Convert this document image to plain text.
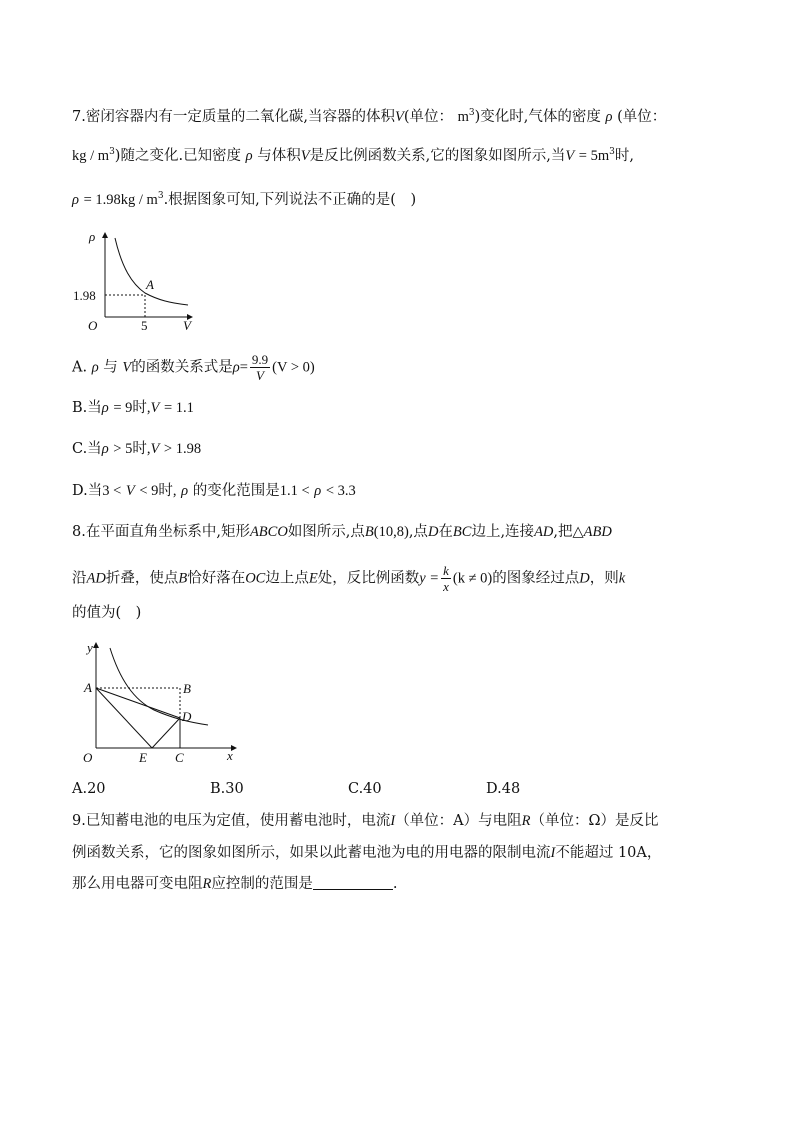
7.密闭容器内有一定质量的二氧化碳,当容器的体积V(单位： $m^3$)变化时,气体的密度 ρ (单位：
kg / $m^3$)随之变化.已知密度 ρ 与体积V是反比例函数关系,它的图象如图所示,当$V = 5m^3$时,
$\rho = 1.98kg / m^3$.根据图象可知,下列说法不正确的是(  )
ρ
V
O
1.98
5
A
A. ρ 与 V的函数关系式是$\rho= \frac{9.9}{V} (V > 0)$
B.当ρ = 9时,V = 1.1
C.当ρ > 5时,V > 1.98
D.当3 < V < 9时, ρ 的变化范围是1.1 < ρ < 3.3
8.在平面直角坐标系中,矩形ABCO如图所示,点B(10,8),点D在BC边上,连接AD,把△ABD
沿AD折叠，使点B恰好落在OC边上点E处，反比例函数$y = \frac{k}{x} (k \ne 0)$的图象经过点D，则k
的值为(  )
y
x
O
A	B
C
D
E
A.20	B.30	C.40	D.48
9.已知蓄电池的电压为定值，使用蓄电池时，电流I（单位：A）与电阻R（单位：Ω）是反比
例函数关系，它的图象如图所示，如果以此蓄电池为电的用电器的限制电流I不能超过 10A，
那么用电器可变电阻R应控制的范围是	.
